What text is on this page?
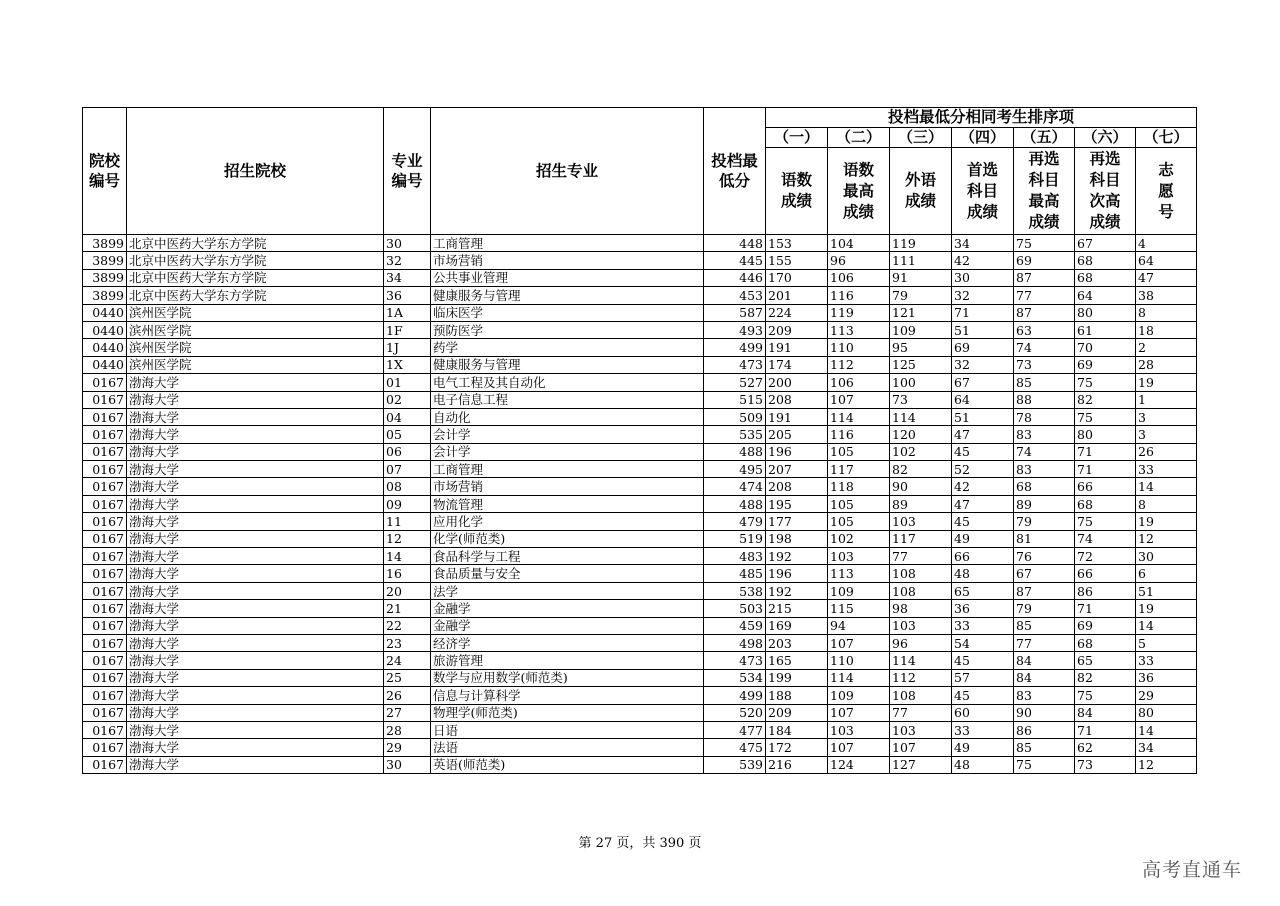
院校编号	招生院校	专业编号	招生专业	投档最低分	投档最低分相同考生排序项						
					（一）	（二）	（三）	（四）	（五）	（六）	（七）
					语数成绩	语数最高成绩	外语成绩	首选科目成绩	再选科目最高成绩	再选科目次高成绩	志愿号
3899	北京中医药大学东方学院	30	工商管理	448	153	104	119	34	75	67	4
3899	北京中医药大学东方学院	32	市场营销	445	155	96	111	42	69	68	64
3899	北京中医药大学东方学院	34	公共事业管理	446	170	106	91	30	87	68	47
3899	北京中医药大学东方学院	36	健康服务与管理	453	201	116	79	32	77	64	38
0440	滨州医学院	1A	临床医学	587	224	119	121	71	87	80	8
0440	滨州医学院	1F	预防医学	493	209	113	109	51	63	61	18
0440	滨州医学院	1J	药学	499	191	110	95	69	74	70	2
0440	滨州医学院	1X	健康服务与管理	473	174	112	125	32	73	69	28
0167	渤海大学	01	电气工程及其自动化	527	200	106	100	67	85	75	19
0167	渤海大学	02	电子信息工程	515	208	107	73	64	88	82	1
0167	渤海大学	04	自动化	509	191	114	114	51	78	75	3
0167	渤海大学	05	会计学	535	205	116	120	47	83	80	3
0167	渤海大学	06	会计学	488	196	105	102	45	74	71	26
0167	渤海大学	07	工商管理	495	207	117	82	52	83	71	33
0167	渤海大学	08	市场营销	474	208	118	90	42	68	66	14
0167	渤海大学	09	物流管理	488	195	105	89	47	89	68	8
0167	渤海大学	11	应用化学	479	177	105	103	45	79	75	19
0167	渤海大学	12	化学(师范类)	519	198	102	117	49	81	74	12
0167	渤海大学	14	食品科学与工程	483	192	103	77	66	76	72	30
0167	渤海大学	16	食品质量与安全	485	196	113	108	48	67	66	6
0167	渤海大学	20	法学	538	192	109	108	65	87	86	51
0167	渤海大学	21	金融学	503	215	115	98	36	79	71	19
0167	渤海大学	22	金融学	459	169	94	103	33	85	69	14
0167	渤海大学	23	经济学	498	203	107	96	54	77	68	5
0167	渤海大学	24	旅游管理	473	165	110	114	45	84	65	33
0167	渤海大学	25	数学与应用数学(师范类)	534	199	114	112	57	84	82	36
0167	渤海大学	26	信息与计算科学	499	188	109	108	45	83	75	29
0167	渤海大学	27	物理学(师范类)	520	209	107	77	60	90	84	80
0167	渤海大学	28	日语	477	184	103	103	33	86	71	14
0167	渤海大学	29	法语	475	172	107	107	49	85	62	34
0167	渤海大学	30	英语(师范类)	539	216	124	127	48	75	73	12
第 27 页，共 390 页
高考直通车
